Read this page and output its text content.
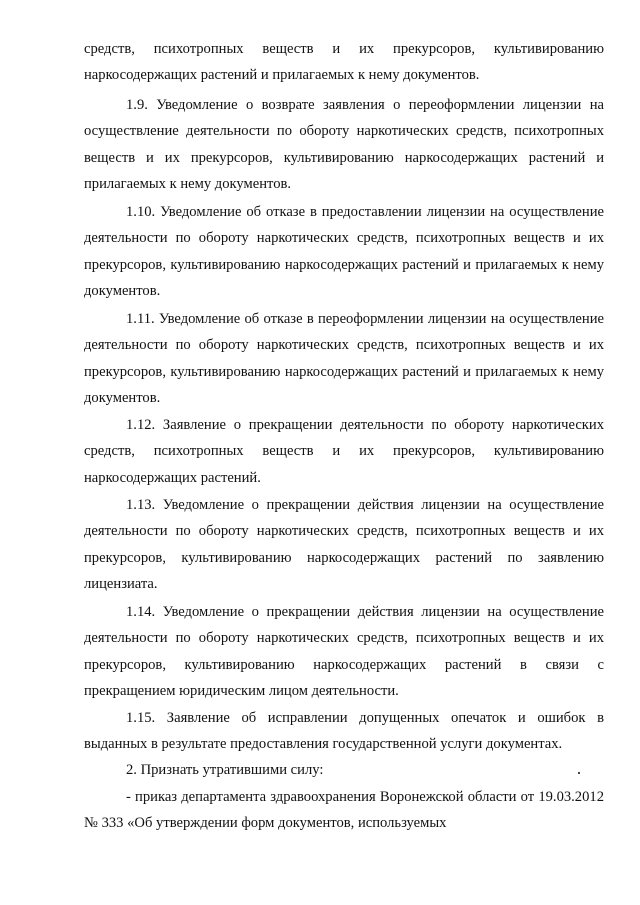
средств, психотропных веществ и их прекурсоров, культивированию наркосодержащих растений и прилагаемых к нему документов.

1.9. Уведомление о возврате заявления о переоформлении лицензии на осуществление деятельности по обороту наркотических средств, психотропных веществ и их прекурсоров, культивированию наркосодержащих растений и прилагаемых к нему документов.

1.10. Уведомление об отказе в предоставлении лицензии на осуществление деятельности по обороту наркотических средств, психотропных веществ и их прекурсоров, культивированию наркосодержащих растений и прилагаемых к нему документов.

1.11. Уведомление об отказе в переоформлении лицензии на осуществление деятельности по обороту наркотических средств, психотропных веществ и их прекурсоров, культивированию наркосодержащих растений и прилагаемых к нему документов.

1.12. Заявление о прекращении деятельности по обороту наркотических средств, психотропных веществ и их прекурсоров, культивированию наркосодержащих растений.

1.13. Уведомление о прекращении действия лицензии на осуществление деятельности по обороту наркотических средств, психотропных веществ и их прекурсоров, культивированию наркосодержащих растений по заявлению лицензиата.

1.14. Уведомление о прекращении действия лицензии на осуществление деятельности по обороту наркотических средств, психотропных веществ и их прекурсоров, культивированию наркосодержащих растений в связи с прекращением юридическим лицом деятельности.

1.15. Заявление об исправлении допущенных опечаток и ошибок в выданных в результате предоставления государственной услуги документах.

2. Признать утратившими силу:

- приказ департамента здравоохранения Воронежской области от 19.03.2012 № 333 «Об утверждении форм документов, используемых
